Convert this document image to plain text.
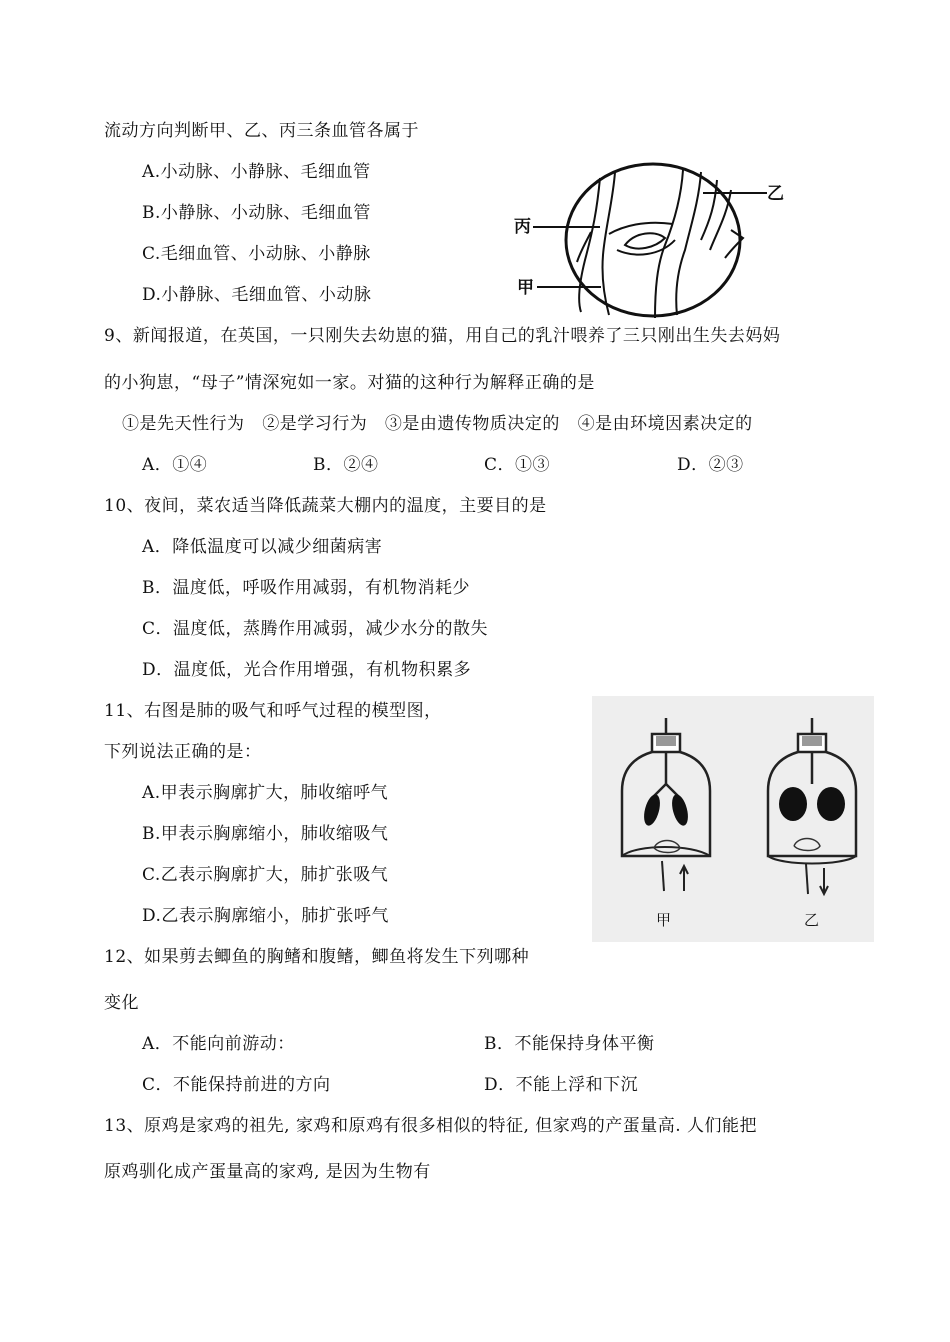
流动方向判断甲、乙、丙三条血管各属于
A.小动脉、小静脉、毛细血管
B.小静脉、小动脉、毛细血管
C.毛细血管、小动脉、小静脉
D.小静脉、毛细血管、小动脉
乙
丙
甲
9、新闻报道，在英国，一只刚失去幼崽的猫，用自己的乳汁喂养了三只刚出生失去妈妈
的小狗崽，“母子”情深宛如一家。对猫的这种行为解释正确的是
①是先天性行为   ②是学习行为   ③是由遗传物质决定的   ④是由环境因素决定的
A．①④	B．②④	C．①③	D．②③
10、夜间，菜农适当降低蔬菜大棚内的温度，主要目的是
A．降低温度可以减少细菌病害
B．温度低，呼吸作用减弱，有机物消耗少
C．温度低，蒸腾作用减弱，减少水分的散失
D．温度低，光合作用增强，有机物积累多
11、右图是肺的吸气和呼气过程的模型图，
下列说法正确的是：
A.甲表示胸廓扩大，肺收缩呼气
B.甲表示胸廓缩小，肺收缩吸气
C.乙表示胸廓扩大，肺扩张吸气
D.乙表示胸廓缩小，肺扩张呼气	甲	乙
12、如果剪去鲫鱼的胸鳍和腹鳍，鲫鱼将发生下列哪种
变化
A．不能向前游动：	B．不能保持身体平衡
C．不能保持前进的方向	D．不能上浮和下沉
13、原鸡是家鸡的祖先, 家鸡和原鸡有很多相似的特征, 但家鸡的产蛋量高. 人们能把
原鸡驯化成产蛋量高的家鸡, 是因为生物有
